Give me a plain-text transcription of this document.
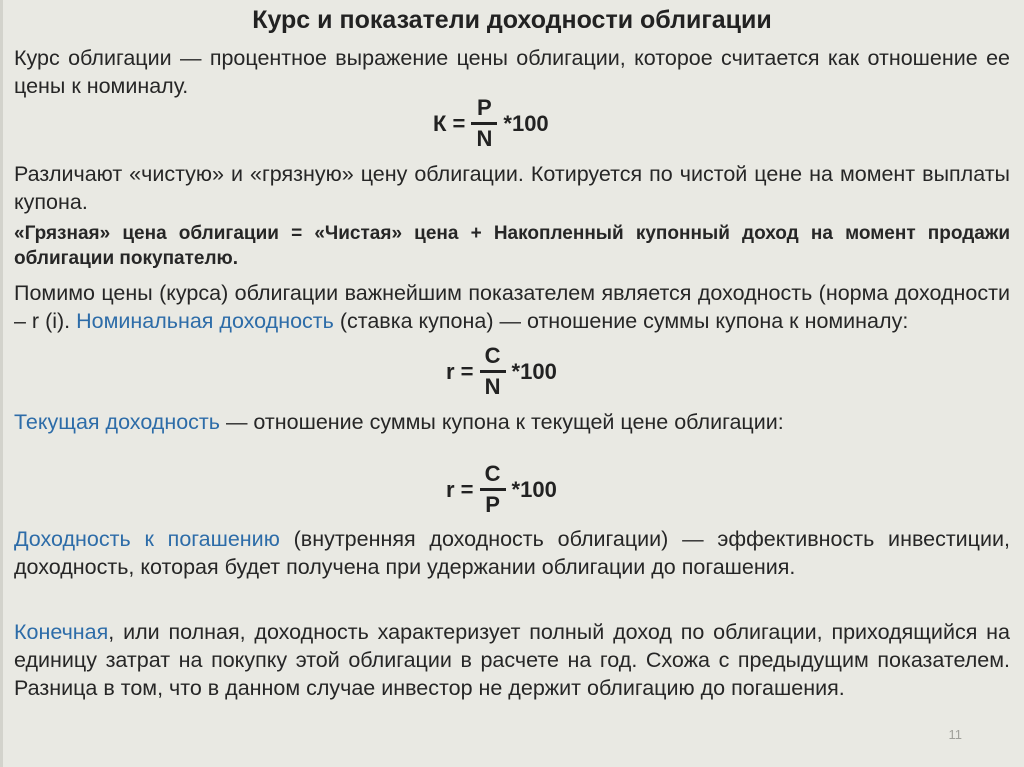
Курс и показатели доходности облигации
Курс облигации — процентное выражение цены облигации, которое считается как отношение ее цены к номиналу.
$К = \frac{P}{N} *100$
Различают «чистую» и «грязную» цену облигации. Котируется по чистой цене на момент выплаты купона.
«Грязная» цена облигации = «Чистая» цена + Накопленный купонный доход на момент продажи облигации покупателю.
Помимо цены (курса) облигации важнейшим показателем является доходность (норма доходности – r (i). Номинальная доходность (ставка купона) — отношение суммы купона к номиналу:
$r = \frac{C}{N} *100$
Текущая доходность — отношение суммы купона к текущей цене облигации:
$r = \frac{C}{P} *100$
Доходность к погашению (внутренняя доходность облигации) — эффективность инвестиции, доходность, которая будет получена при удержании облигации до погашения.
Конечная, или полная, доходность характеризует полный доход по облигации, приходящийся на единицу затрат на покупку этой облигации в расчете на год. Схожа с предыдущим показателем. Разница в том, что в данном случае инвестор не держит облигацию до погашения.
11
